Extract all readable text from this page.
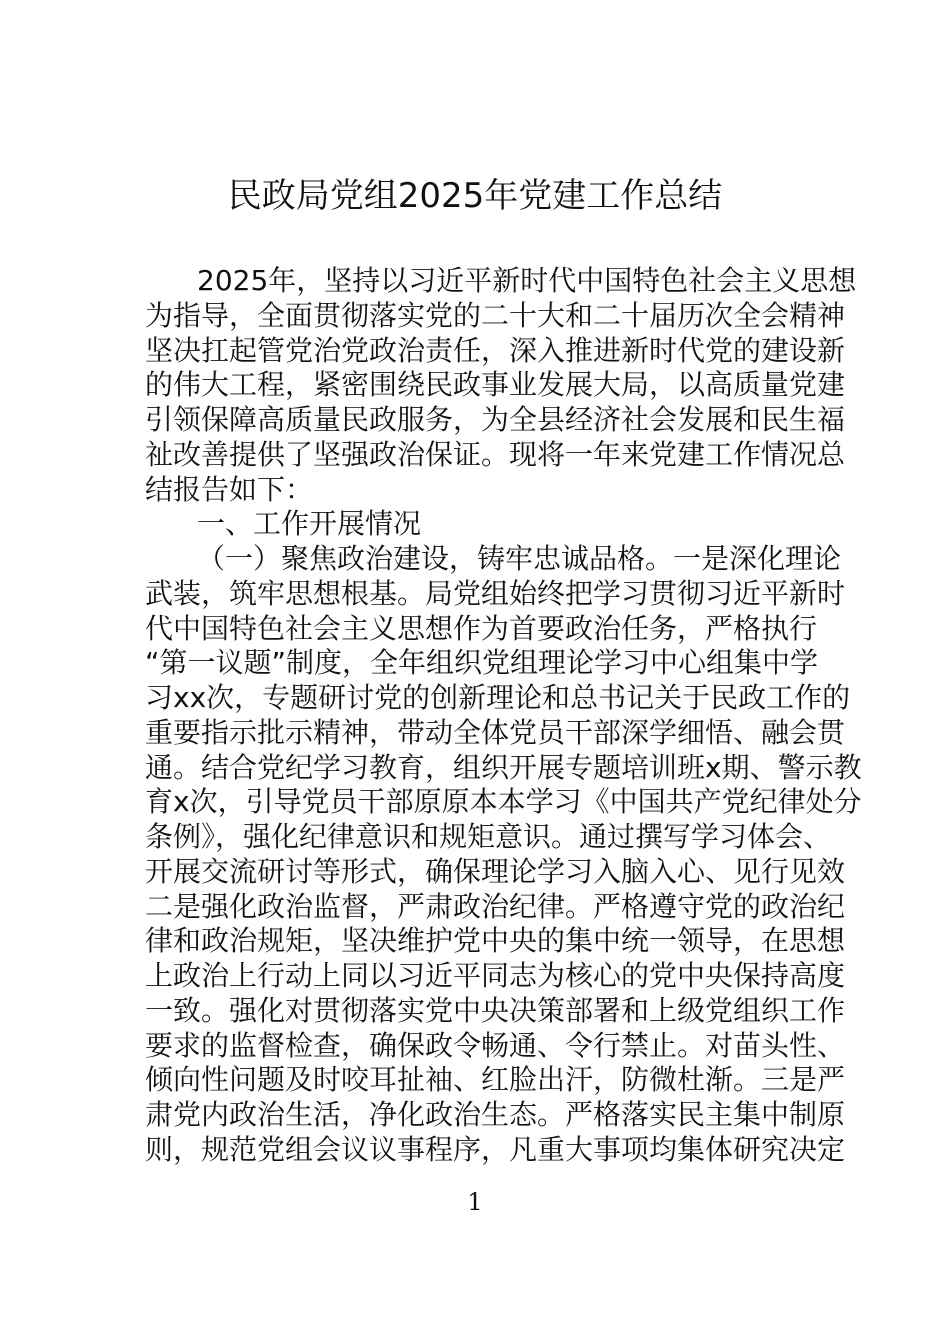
民政局党组2025年党建工作总结
2025年，坚持以习近平新时代中国特色社会主义思想
为指导，全面贯彻落实党的二十大和二十届历次全会精神
坚决扛起管党治党政治责任，深入推进新时代党的建设新
的伟大工程，紧密围绕民政事业发展大局，以高质量党建
引领保障高质量民政服务，为全县经济社会发展和民生福
祉改善提供了坚强政治保证。现将一年来党建工作情况总
结报告如下：
一、工作开展情况
（一）聚焦政治建设，铸牢忠诚品格。一是深化理论
武装，筑牢思想根基。局党组始终把学习贯彻习近平新时
代中国特色社会主义思想作为首要政治任务，严格执行
“第一议题”制度，全年组织党组理论学习中心组集中学
习xx次，专题研讨党的创新理论和总书记关于民政工作的
重要指示批示精神，带动全体党员干部深学细悟、融会贯
通。结合党纪学习教育，组织开展专题培训班x期、警示教
育x次，引导党员干部原原本本学习《中国共产党纪律处分
条例》，强化纪律意识和规矩意识。通过撰写学习体会、
开展交流研讨等形式，确保理论学习入脑入心、见行见效
二是强化政治监督，严肃政治纪律。严格遵守党的政治纪
律和政治规矩，坚决维护党中央的集中统一领导，在思想
上政治上行动上同以习近平同志为核心的党中央保持高度
一致。强化对贯彻落实党中央决策部署和上级党组织工作
要求的监督检查，确保政令畅通、令行禁止。对苗头性、
倾向性问题及时咬耳扯袖、红脸出汗，防微杜渐。三是严
肃党内政治生活，净化政治生态。严格落实民主集中制原
则，规范党组会议议事程序，凡重大事项均集体研究决定
1
